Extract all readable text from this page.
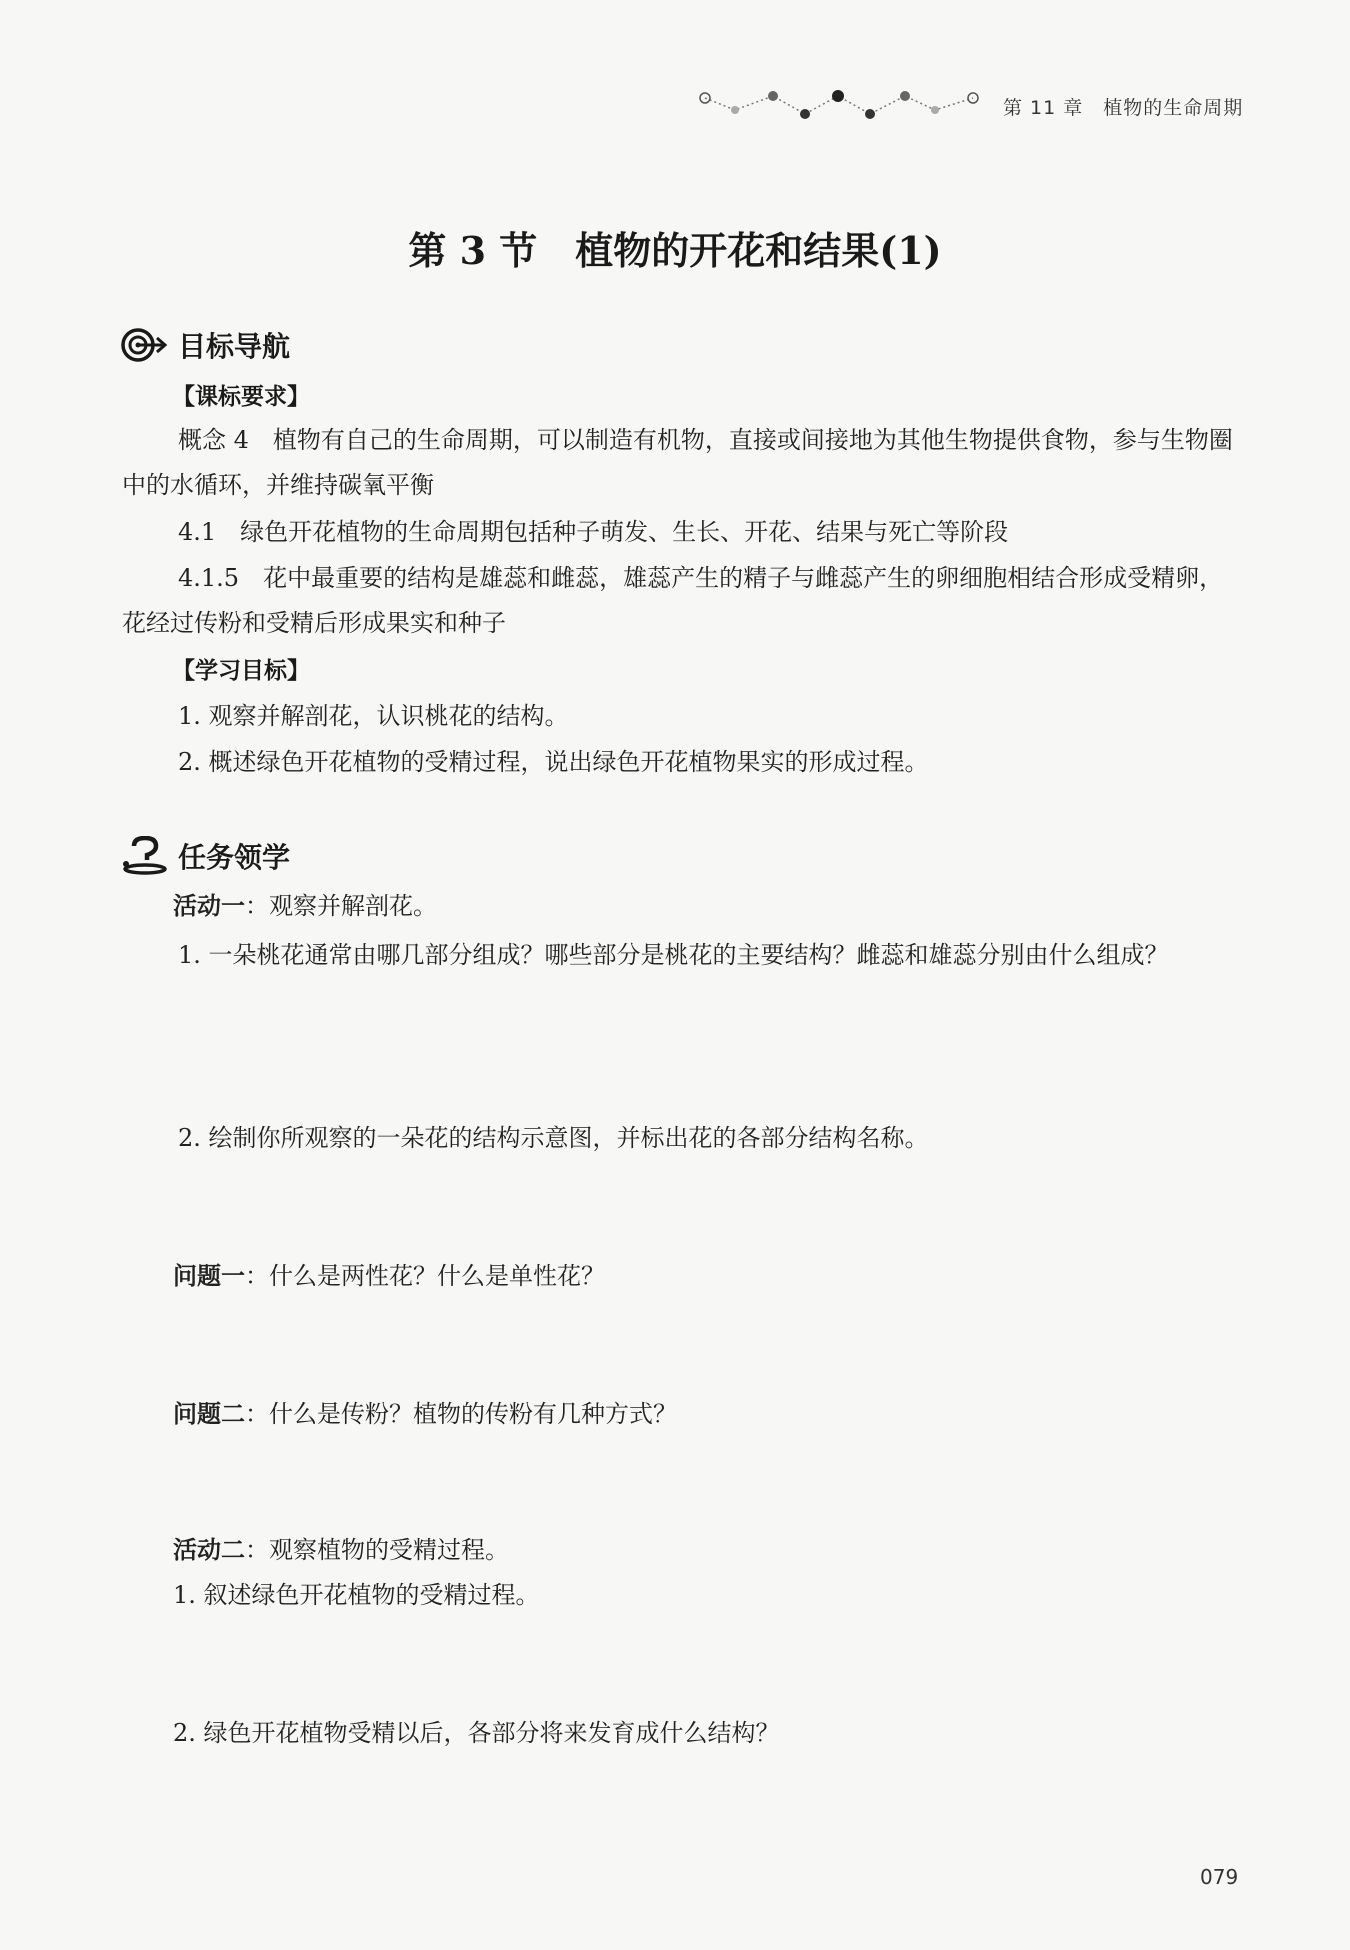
第 11 章　植物的生命周期
第 3 节　植物的开花和结果(1)
目标导航
【课标要求】
概念 4　植物有自己的生命周期，可以制造有机物，直接或间接地为其他生物提供食物，参与生物圈中的水循环，并维持碳氧平衡
4.1　绿色开花植物的生命周期包括种子萌发、生长、开花、结果与死亡等阶段
4.1.5　花中最重要的结构是雄蕊和雌蕊，雄蕊产生的精子与雌蕊产生的卵细胞相结合形成受精卵，花经过传粉和受精后形成果实和种子
【学习目标】
1. 观察并解剖花，认识桃花的结构。
2. 概述绿色开花植物的受精过程，说出绿色开花植物果实的形成过程。
任务领学
活动一：观察并解剖花。
1. 一朵桃花通常由哪几部分组成？哪些部分是桃花的主要结构？雌蕊和雄蕊分别由什么组成？
2. 绘制你所观察的一朵花的结构示意图，并标出花的各部分结构名称。
问题一：什么是两性花？什么是单性花？
问题二：什么是传粉？植物的传粉有几种方式？
活动二：观察植物的受精过程。
1. 叙述绿色开花植物的受精过程。
2. 绿色开花植物受精以后，各部分将来发育成什么结构？
079
